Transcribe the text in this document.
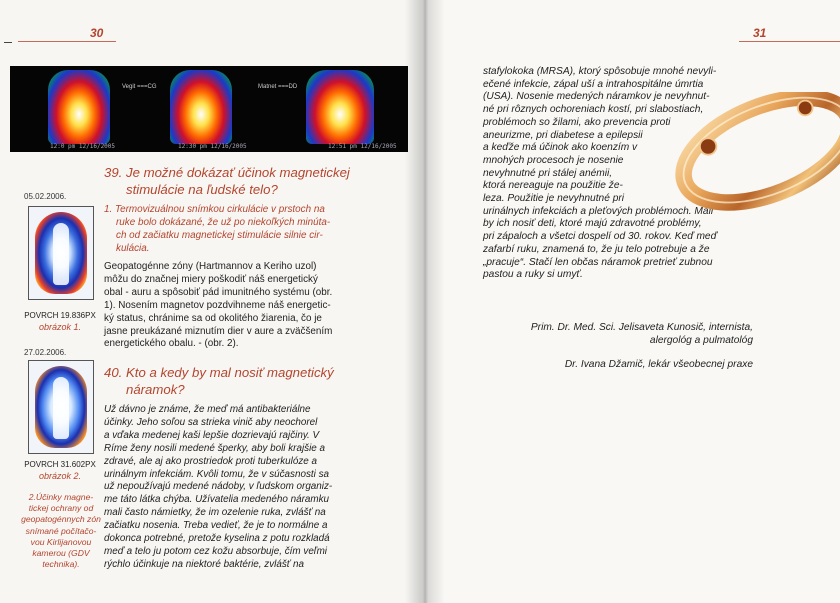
30
Vegit ===CG	Matnet ===DD
12:0 pm 12/16/2005	12:30 pm 12/16/2005	12:51 pm 12/16/2005
05.02.2006.
POVRCH 19.836PX
obrázok 1.
27.02.2006.
POVRCH 31.602PX
obrázok 2.
2.Účinky magne-
tickej ochrany od
geopatogénnych zón
snímané počítačo-
vou Kirlijanovou
kamerou (GDV
technika).
39. Je možné dokázať účinok magnetickej
stimulácie na ľudské telo?
1. Termovizuálnou snímkou cirkulácie v prstoch na
ruke bolo dokázané, že už po niekoľkých minútа-
ch od začiatku magnetickej stimulácie silnie cir-
kulácia.
Geopatogénne zóny (Hartmannov a Keriho uzol)
môžu do značnej miery poškodiť náš energetický
obal - auru a spôsobiť pád imunitného systému (obr.
1). Nosením magnetov pozdvihneme náš energetic-
ký status, chránime sa od okolitého žiarenia, čo je
jasne preukázané miznutím dier v aure a zväčšením
energetického obalu. - (obr. 2).
40. Kto a kedy by mal nosiť magnetický
náramok?
Už dávno je známe, že meď má antibakteriálne
účinky. Jeho soľou sa strieka vinič aby neochorel
a vďaka medenej kaši lepšie dozrievajú rajčiny. V
Ríme ženy nosili medené šperky, aby boli krajšie a
zdravé, ale aj ako prostriedok proti tuberkulóze a
urinálnym infekciám. Kvôli tomu, že v súčasnosti sa
už nepoužívajú medené nádoby, v ľudskom organiz-
me táto látka chýba. Užívatelia medeného náramku
mali často námietky, že im ozelenie ruka, zvlášť na
začiatku nosenia. Treba vedieť, že je to normálne a
dokonca potrebné, pretože kyselina z potu rozkladá
meď a telo ju potom cez kožu absorbuje, čím veľmi
rýchlo účinkuje na niektoré baktérie, zvlášť na
31
stafylokoka (MRSA), ktorý spôsobuje mnohé nevylі-
ečené infekcie, zápal uší a intrahospitálne úmrtia
(USA). Nosenie medených náramkov je nevyhnut-
né pri rôznych ochoreniach kostí, pri slabostiach,
problémoch so žilami, ako prevencia proti
aneurizme, pri diabetese a epilepsii
a keďže má účinok ako koenzím v
mnohých procesoch je nosenie
nevyhnutné pri stálej anémii,
ktorá nereaguje na použitie že-
leza. Použitie je nevyhnutné pri
urinálnych infekciách a pleťových problémoch. Mali
by ich nosiť deti, ktoré majú zdravotné problémy,
pri zápaloch a všetci dospelí od 30. rokov. Keď meď
zafarbí ruku, znamená to, že ju telo potrebuje a že
„pracuje“. Stačí len občas náramok pretrieť zubnou
pastou a ruky si umyť.
Prim. Dr. Med. Sci. Jelisaveta Kunosič, internista,
alergológ a pulmatológ
Dr. Ivana Džamič, lekár všeobecnej praxe
